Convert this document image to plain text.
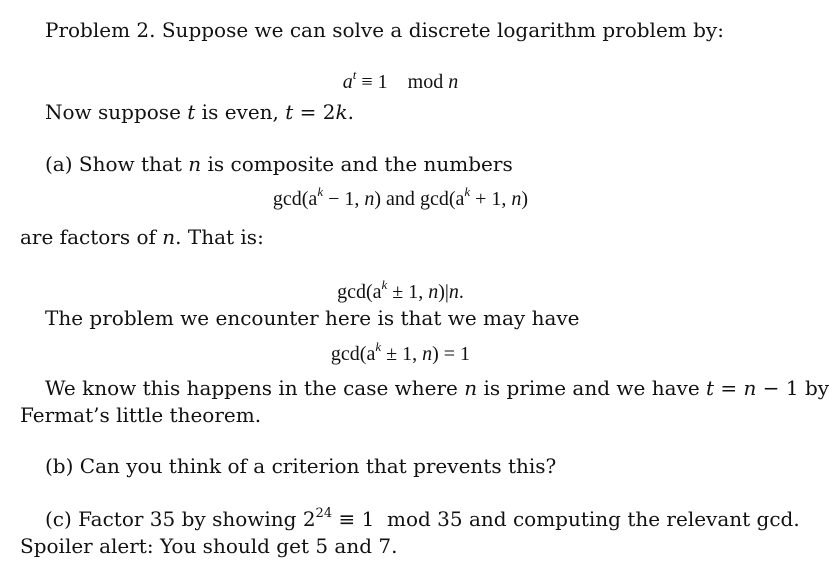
Problem 2. Suppose we can solve a discrete logarithm problem by:
$a^t \equiv 1$ mod n
Now suppose t is even, t = 2k.
(a) Show that n is composite and the numbers
$\gcd(a^k - 1$, n) and $\gcd(a^k + 1$, n)
are factors of n. That is:
$\gcd(a^k \pm 1$, n)|n.
The problem we encounter here is that we may have
$\gcd(a^k \pm 1$, n) = 1
We know this happens in the case where n is prime and we have t = n − 1 by
Fermat’s little theorem.
(b) Can you think of a criterion that prevents this?
(c) Factor 35 by showing $2^{24} \equiv 1$ mod 35 and computing the relevant gcd.
Spoiler alert: You should get 5 and 7.
